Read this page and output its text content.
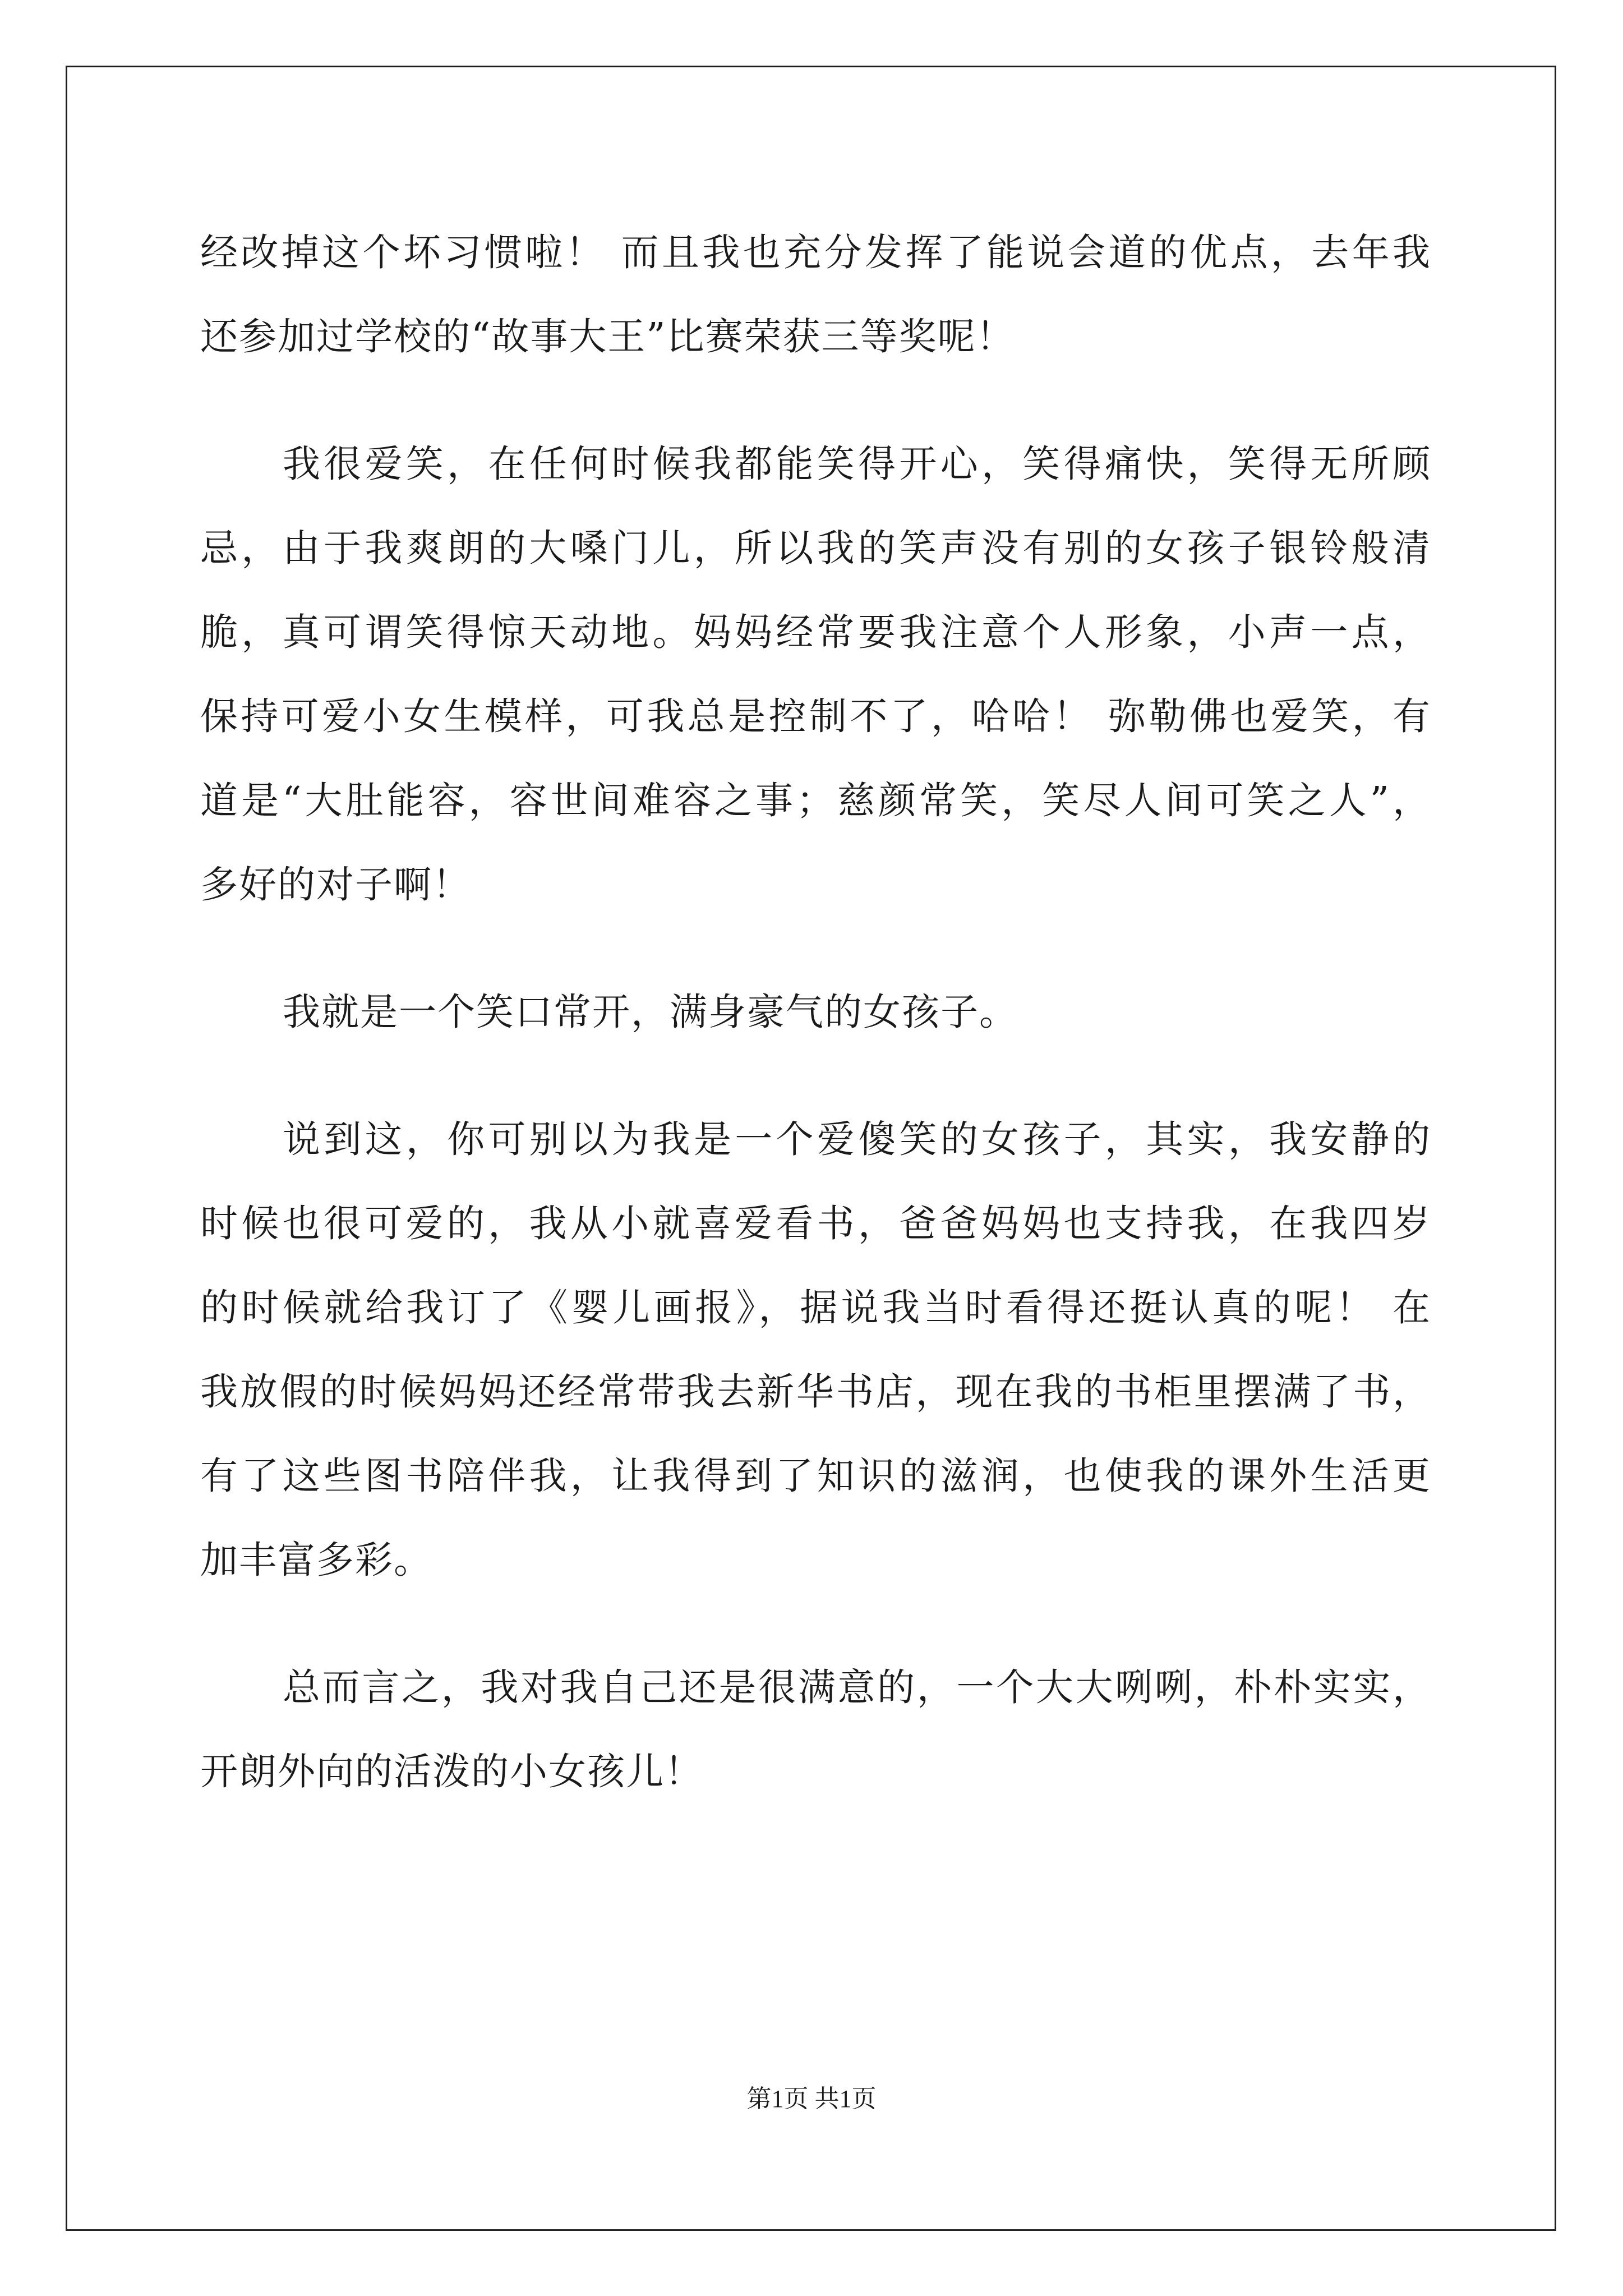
经改掉这个坏习惯啦！ 而且我也充分发挥了能说会道的优点，去年我
还参加过学校的“故事大王”比赛荣获三等奖呢！
我很爱笑，在任何时候我都能笑得开心，笑得痛快，笑得无所顾
忌，由于我爽朗的大嗓门儿，所以我的笑声没有别的女孩子银铃般清
脆，真可谓笑得惊天动地。妈妈经常要我注意个人形象，小声一点，
保持可爱小女生模样，可我总是控制不了，哈哈！ 弥勒佛也爱笑，有
道是“大肚能容，容世间难容之事；慈颜常笑，笑尽人间可笑之人”，
多好的对子啊！
我就是一个笑口常开，满身豪气的女孩子。
说到这，你可别以为我是一个爱傻笑的女孩子，其实，我安静的
时候也很可爱的，我从小就喜爱看书，爸爸妈妈也支持我，在我四岁
的时候就给我订了《婴儿画报》，据说我当时看得还挺认真的呢！ 在
我放假的时候妈妈还经常带我去新华书店，现在我的书柜里摆满了书，
有了这些图书陪伴我，让我得到了知识的滋润，也使我的课外生活更
加丰富多彩。
总而言之，我对我自己还是很满意的，一个大大咧咧，朴朴实实，
开朗外向的活泼的小女孩儿！
第1页 共1页
